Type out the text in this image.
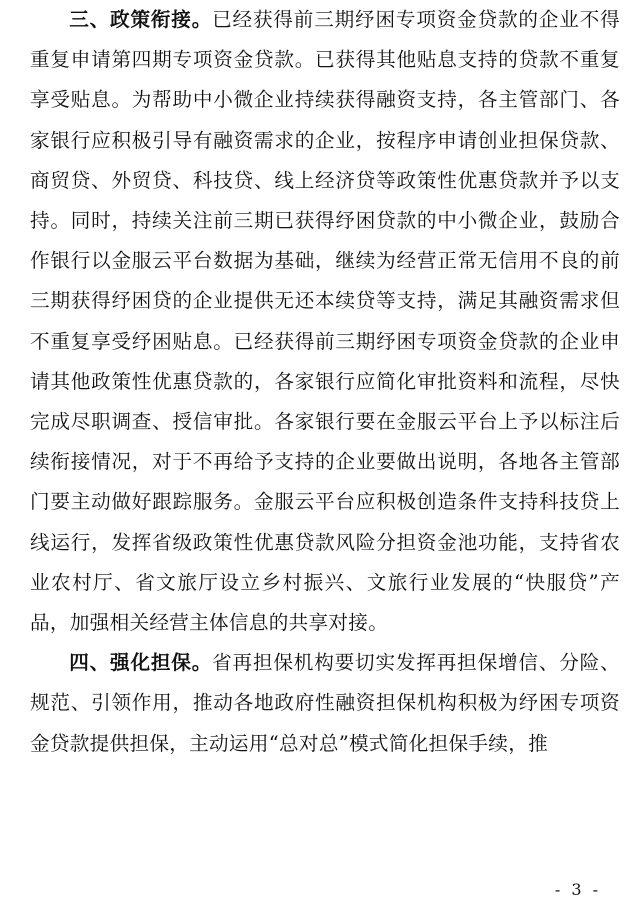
三、政策衔接。已经获得前三期纾困专项资金贷款的企业不得重复申请第四期专项资金贷款。已获得其他贴息支持的贷款不重复享受贴息。为帮助中小微企业持续获得融资支持，各主管部门、各家银行应积极引导有融资需求的企业，按程序申请创业担保贷款、商贸贷、外贸贷、科技贷、线上经济贷等政策性优惠贷款并予以支持。同时，持续关注前三期已获得纾困贷款的中小微企业，鼓励合作银行以金服云平台数据为基础，继续为经营正常无信用不良的前三期获得纾困贷的企业提供无还本续贷等支持，满足其融资需求但不重复享受纾困贴息。已经获得前三期纾困专项资金贷款的企业申请其他政策性优惠贷款的，各家银行应简化审批资料和流程，尽快完成尽职调查、授信审批。各家银行要在金服云平台上予以标注后续衔接情况，对于不再给予支持的企业要做出说明，各地各主管部门要主动做好跟踪服务。金服云平台应积极创造条件支持科技贷上线运行，发挥省级政策性优惠贷款风险分担资金池功能，支持省农业农村厅、省文旅厅设立乡村振兴、文旅行业发展的“快服贷”产品，加强相关经营主体信息的共享对接。

四、强化担保。省再担保机构要切实发挥再担保增信、分险、规范、引领作用，推动各地政府性融资担保机构积极为纾困专项资金贷款提供担保，主动运用“总对总”模式简化担保手续，推

- 3 -
